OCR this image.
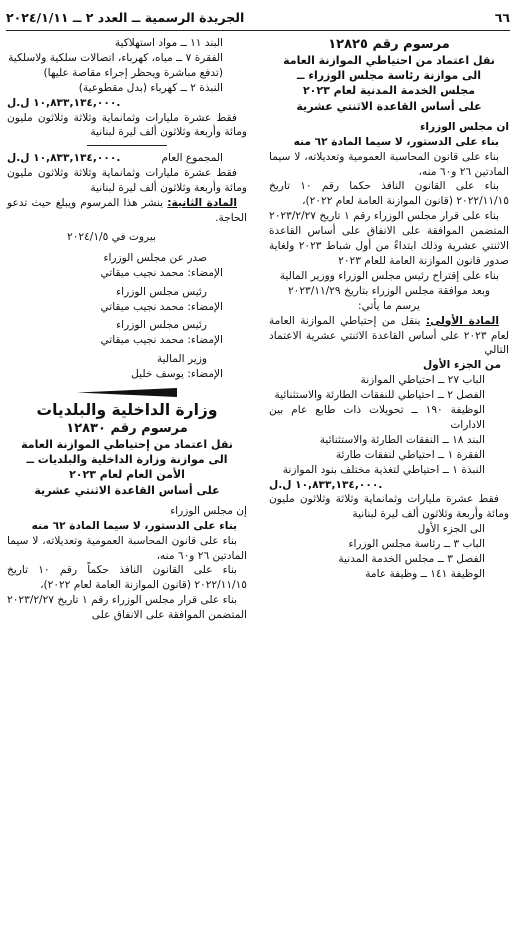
٦٦
الجريدة الرسمية ــ العدد ٢ ــ ٢٠٢٤/١/١١

مرسوم رقم ١٢٨٢٥

نقل اعتماد من احتياطي الموازنة العامة

الى موازنة رئاسة مجلس الوزراء ــ

مجلس الخدمة المدنية لعام ٢٠٢٣

على أساس القاعدة الاثنتي عشرية

ان مجلس الوزراء

بناء على الدستور، لا سيما المادة ٦٢ منه

بناء على قانون المحاسبة العمومية وتعديلاته، لا سيما المادتين ٢٦ و٦٠ منه،

بناء على القانون النافذ حكما رقم ١٠ تاريخ ٢٠٢٢/١١/١٥ (قانون الموازنة العامة لعام ٢٠٢٢)،

بناء على قرار مجلس الوزراء رقم ١ تاريخ ٢٠٢٣/٢/٢٧ المتضمن الموافقة على الانفاق على أساس القاعدة الاثنتي عشرية وذلك ابتداءً من أول شباط ٢٠٢٣ ولغاية صدور قانون الموازنة العامة للعام ٢٠٢٣

بناء على إقتراح رئيس مجلس الوزراء ووزير المالية

وبعد موافقة مجلس الوزراء بتاريخ ٢٠٢٣/١١/٢٩

يرسم ما يأتي:

المادة الأولى: ينقل من إحتياطي الموازنة العامة لعام ٢٠٢٣ على أساس القاعدة الاثنتي عشرية الاعتماد التالي

من الجزء الأول

الباب ٢٧ ــ احتياطي الموازنة

الفصل ٢ ــ احتياطي للنفقات الطارئة والاستثنائية

الوظيفة ١٩٠ ــ تحويلات ذات طابع عام بين الادارات

البند ١٨ ــ النفقات الطارئة والاستثنائية

الفقرة ١ ــ احتياطي لنفقات طارئة

النبذة ١ ــ احتياطي لتغذية مختلف بنود الموازنة

١٠,٨٣٣,١٣٤,٠٠٠ ل.ل.

فقط عشرة مليارات وثمانماية وثلاثة وثلاثون مليون ومائة وأربعة وثلاثون ألف ليرة لبنانية

الى الجزء الأول

الباب ٣ ــ رئاسة مجلس الوزراء

الفصل ٣ ــ مجلس الخدمة المدنية

الوظيفة ١٤١ ــ وظيفة عامة

البند ١١ ــ مواد استهلاكية

الفقرة ٧ ــ مياه، كهرباء، اتصالات سلكية ولاسلكية

(تدفع مباشرة ويحظر إجراء مقاصة عليها)

النبذة ٢ ــ كهرباء (بدل مقطوعية)

١٠,٨٣٣,١٣٤,٠٠٠ ل.ل.

فقط عشرة مليارات وثمانماية وثلاثة وثلاثون مليون ومائة وأربعة وثلاثون ألف ليرة لبنانية

المجموع العام
١٠,٨٣٣,١٣٤,٠٠٠ ل.ل.

فقط عشرة مليارات وثمانماية وثلاثة وثلاثون مليون ومائة وأربعة وثلاثون ألف ليرة لبنانية

المادة الثانية: ينشر هذا المرسوم ويبلغ حيث تدعو الحاجة.

بيروت في ٢٠٢٤/١/٥

صدر عن مجلس الوزراء

الإمضاء: محمد نجيب ميقاتي

رئيس مجلس الوزراء

الإمضاء: محمد نجيب ميقاتي

رئيس مجلس الوزراء

الإمضاء: محمد نجيب ميقاتي

وزير المالية

الإمضاء: يوسف خليل

وزارة الداخلية والبلديات

مرسوم رقم ١٢٨٣٠

نقل اعتماد من إحتياطي الموازنة العامة

الى موازنة وزارة الداخلية والبلديات ــ

الأمن العام لعام ٢٠٢٣

على أساس القاعدة الاثنتي عشرية

إن مجلس الوزراء

بناء على الدستور، لا سيما المادة ٦٢ منه

بناء على قانون المحاسبة العمومية وتعديلاته، لا سيما المادتين ٢٦ و٦٠ منه،

بناء على القانون النافذ حكماً رقم ١٠ تاريخ ٢٠٢٢/١١/١٥ (قانون الموازنة العامة لعام ٢٠٢٢)،

بناء على قرار مجلس الوزراء رقم ١ تاريخ ٢٠٢٣/٢/٢٧ المتضمن الموافقة على الانفاق على
